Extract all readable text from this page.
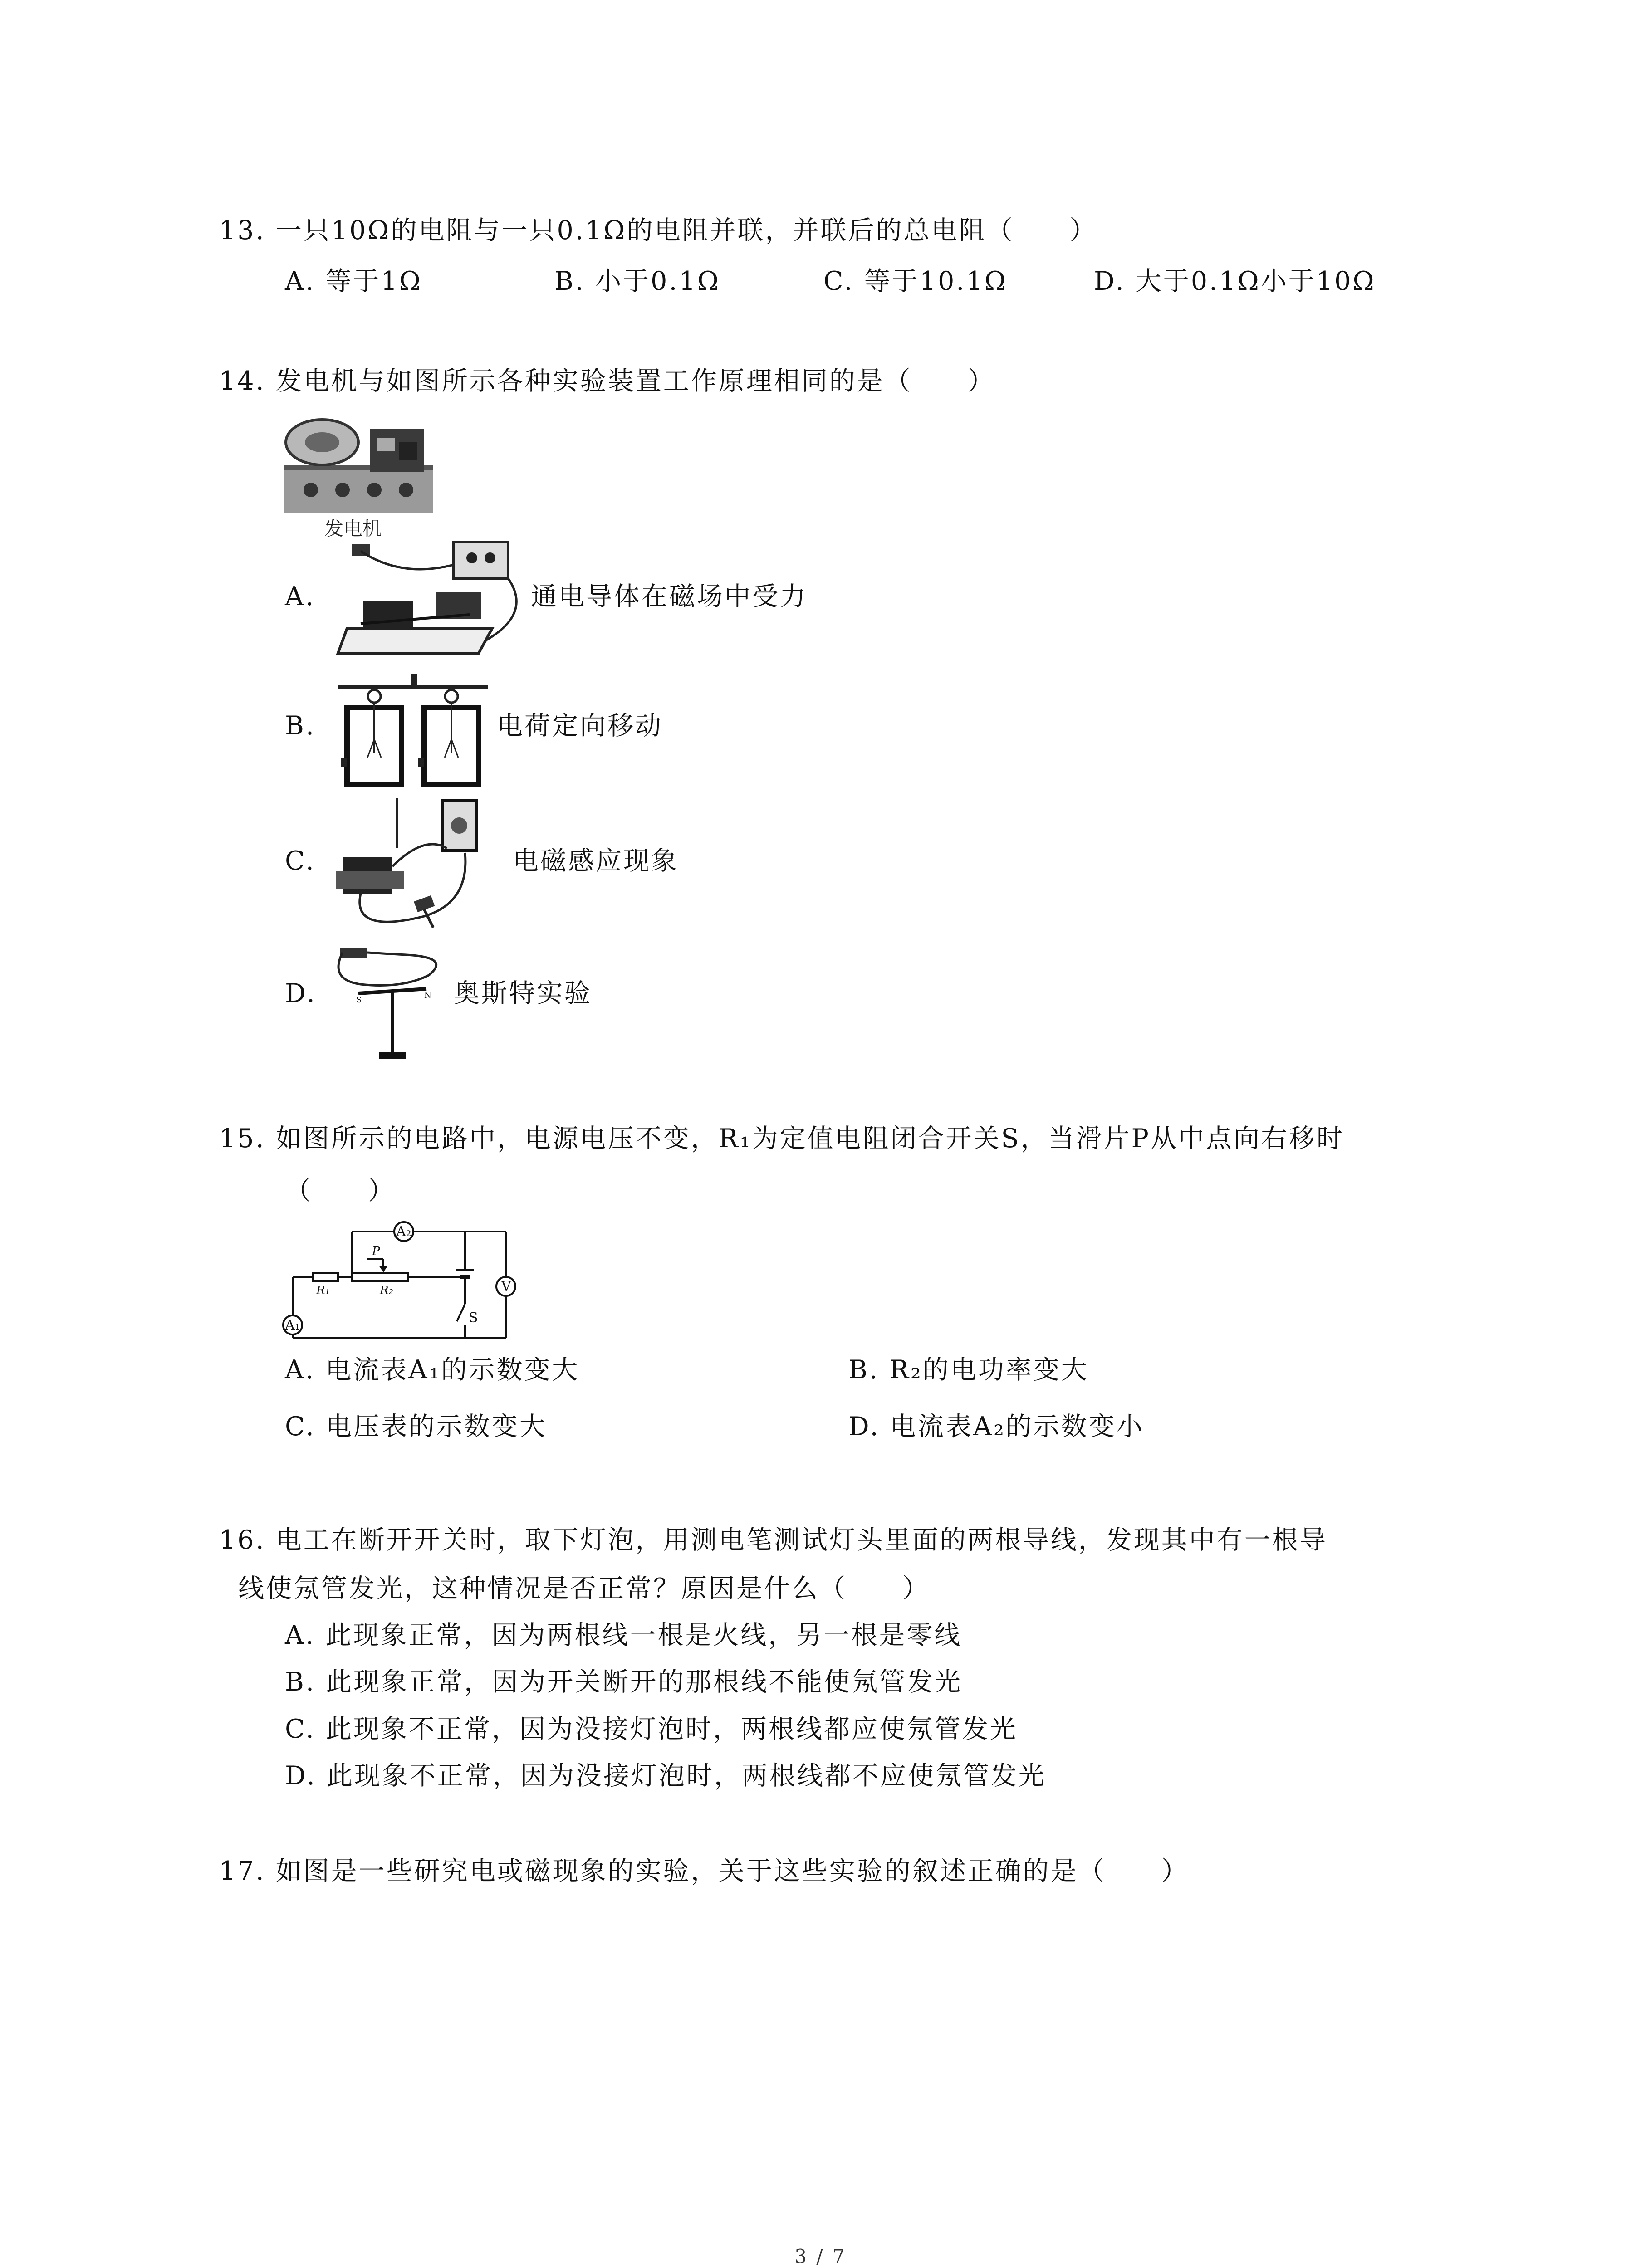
13. 一只10Ω的电阻与一只0.1Ω的电阻并联，并联后的总电阻（　　）
A. 等于1Ω	B. 小于0.1Ω	C. 等于10.1Ω	D. 大于0.1Ω小于10Ω
14. 发电机与如图所示各种实验装置工作原理相同的是（　　）
发电机
A.	通电导体在磁场中受力
B.	电荷定向移动
C.	电磁感应现象
D.	S	N 奥斯特实验
15. 如图所示的电路中，电源电压不变，R₁为定值电阻闭合开关S，当滑片P从中点向右移时
（　　）
A₂
V
S
A₁
R₁	R₂
P
A. 电流表A₁的示数变大	B. R₂的电功率变大
C. 电压表的示数变大	D. 电流表A₂的示数变小
16. 电工在断开开关时，取下灯泡，用测电笔测试灯头里面的两根导线，发现其中有一根导
线使氖管发光，这种情况是否正常？原因是什么（　　）
A. 此现象正常，因为两根线一根是火线，另一根是零线
B. 此现象正常，因为开关断开的那根线不能使氖管发光
C. 此现象不正常，因为没接灯泡时，两根线都应使氖管发光
D. 此现象不正常，因为没接灯泡时，两根线都不应使氖管发光
17. 如图是一些研究电或磁现象的实验，关于这些实验的叙述正确的是（　　）
3 / 7
